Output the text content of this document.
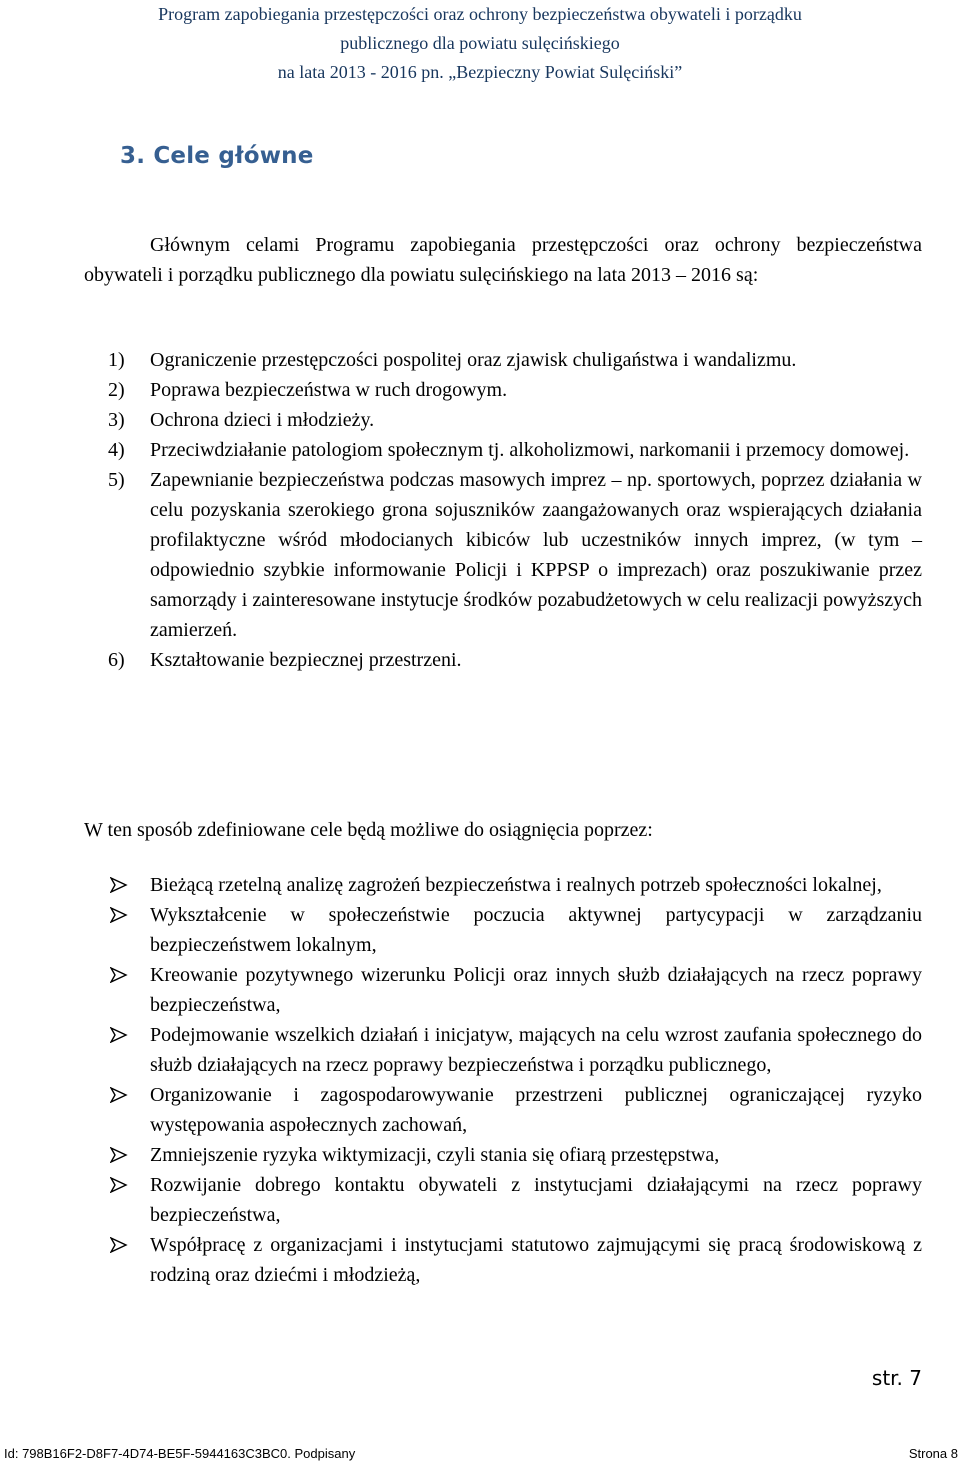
Program zapobiegania przestępczości oraz ochrony bezpieczeństwa obywateli i porządku
publicznego dla powiatu sulęcińskiego
na lata 2013 - 2016 pn. „Bezpieczny Powiat Sulęciński”
3. Cele główne
Głównym celami Programu zapobiegania przestępczości oraz ochrony bezpieczeństwa obywateli i porządku publicznego dla powiatu sulęcińskiego na lata 2013 – 2016 są:
1)	Ograniczenie przestępczości pospolitej oraz zjawisk chuligaństwa i wandalizmu.
2)	Poprawa bezpieczeństwa w ruch drogowym.
3)	Ochrona dzieci i młodzieży.
4)	Przeciwdziałanie patologiom społecznym tj. alkoholizmowi, narkomanii i przemocy domowej.
5)	Zapewnianie bezpieczeństwa podczas masowych imprez – np. sportowych, poprzez działania w celu pozyskania szerokiego grona sojuszników zaangażowanych oraz wspierających działania profilaktyczne wśród młodocianych kibiców lub uczestników innych imprez, (w tym – odpowiednio szybkie informowanie Policji i KPPSP o imprezach) oraz poszukiwanie przez samorządy i zainteresowane instytucje środków pozabudżetowych w celu realizacji powyższych zamierzeń.
6)	Kształtowanie bezpiecznej przestrzeni.
W ten sposób zdefiniowane cele będą możliwe do osiągnięcia poprzez:
Bieżącą rzetelną analizę zagrożeń bezpieczeństwa i realnych potrzeb społeczności lokalnej,
Wykształcenie w społeczeństwie poczucia aktywnej partycypacji w zarządzaniu bezpieczeństwem lokalnym,
Kreowanie pozytywnego wizerunku Policji oraz innych służb działających na rzecz poprawy bezpieczeństwa,
Podejmowanie wszelkich działań i inicjatyw, mających na celu wzrost zaufania społecznego do służb działających na rzecz poprawy bezpieczeństwa i porządku publicznego,
Organizowanie i zagospodarowywanie przestrzeni publicznej ograniczającej ryzyko występowania aspołecznych zachowań,
Zmniejszenie ryzyka wiktymizacji, czyli stania się ofiarą przestępstwa,
Rozwijanie dobrego kontaktu obywateli z instytucjami działającymi na rzecz poprawy bezpieczeństwa,
Współpracę z organizacjami i instytucjami statutowo zajmującymi się pracą środowiskową z rodziną oraz dziećmi i młodzieżą,
str. 7
Id: 798B16F2-D8F7-4D74-BE5F-5944163C3BC0. Podpisany	Strona 8
